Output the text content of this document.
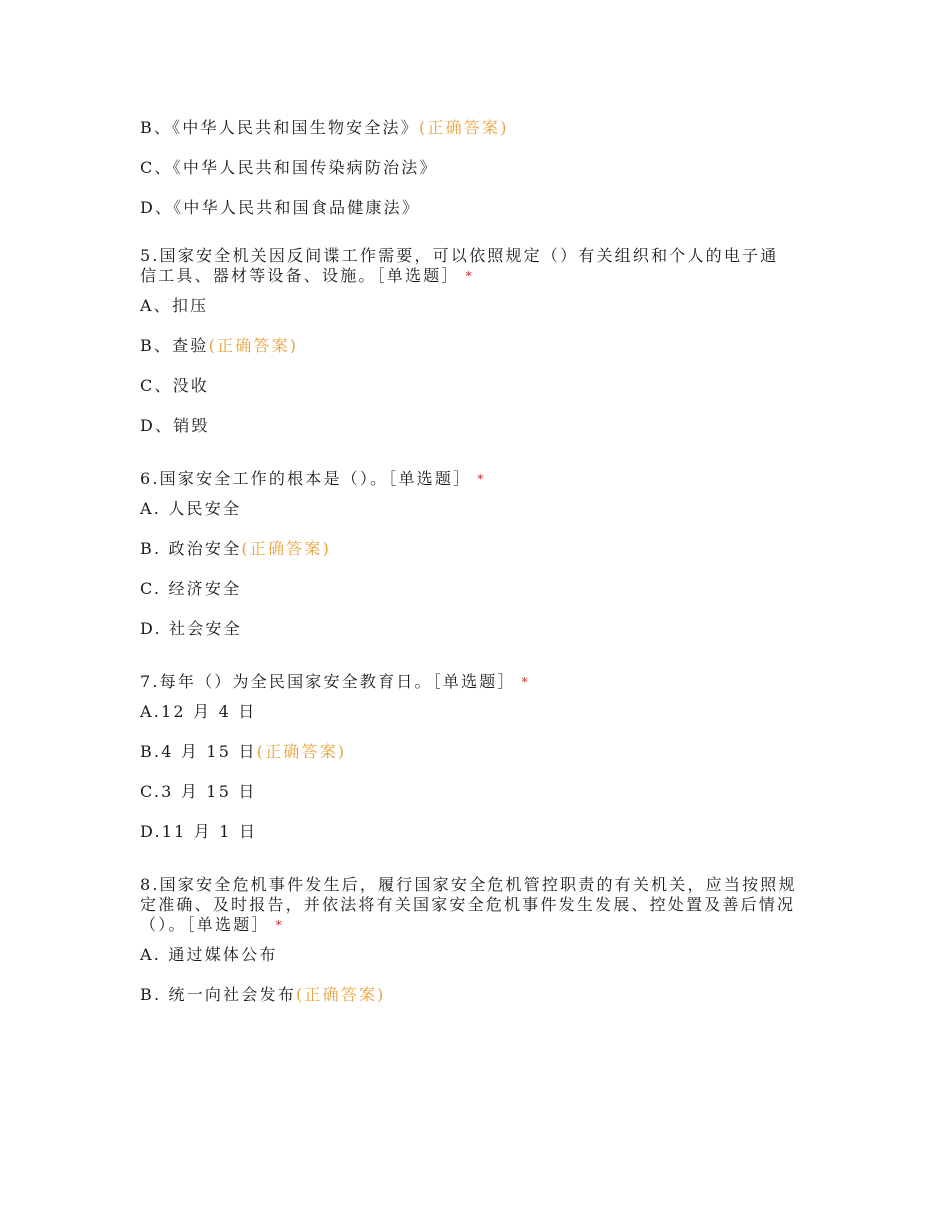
B、《中华人民共和国生物安全法》(正确答案)

C、《中华人民共和国传染病防治法》

D、《中华人民共和国食品健康法》

5.国家安全机关因反间谍工作需要，可以依照规定（）有关组织和个人的电子通

信工具、器材等设备、设施。［单选题］ *

A、扣压

B、查验(正确答案)

C、没收

D、销毁

6.国家安全工作的根本是（）。［单选题］ *

A. 人民安全

B. 政治安全(正确答案)

C. 经济安全

D. 社会安全

7.每年（）为全民国家安全教育日。［单选题］ *

A.12 月 4 日

B.4 月 15 日(正确答案)

C.3 月 15 日

D.11 月 1 日

8.国家安全危机事件发生后，履行国家安全危机管控职责的有关机关，应当按照规

定准确、及时报告，并依法将有关国家安全危机事件发生发展、控处置及善后情况

（）。［单选题］ *

A. 通过媒体公布

B. 统一向社会发布(正确答案)
